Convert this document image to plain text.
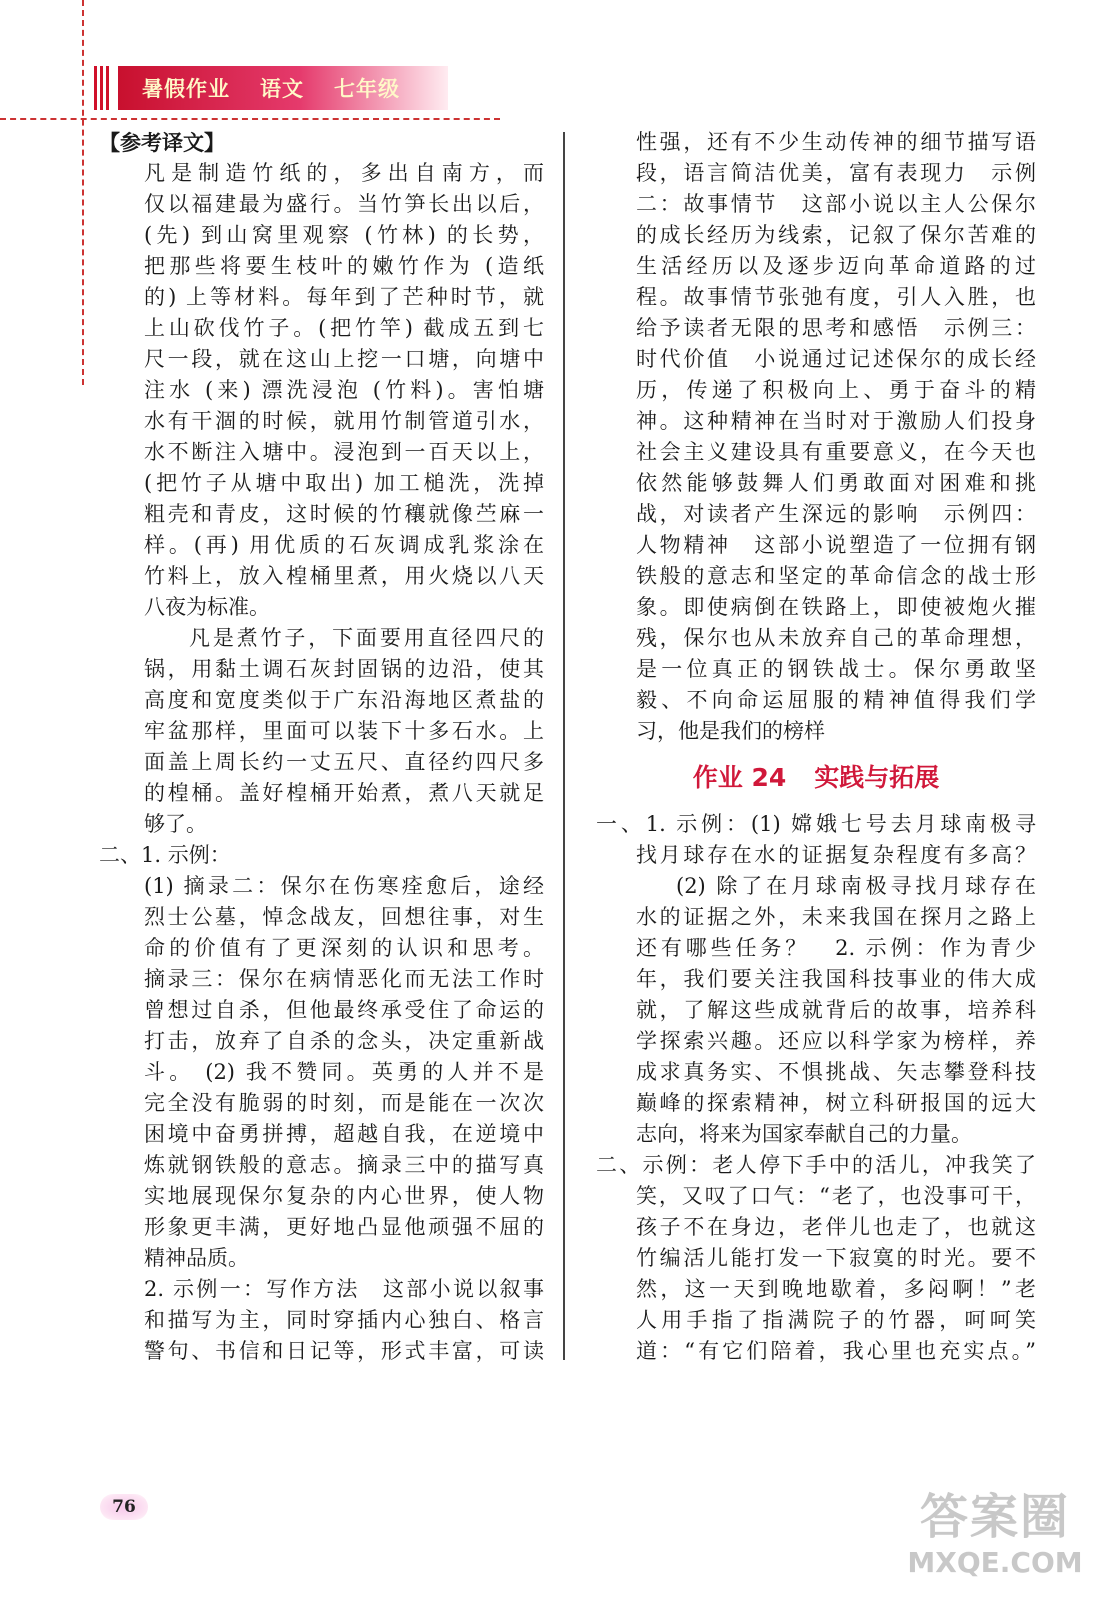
暑假作业 语文 七年级
【参考译文】
凡是制造竹纸的，多出自南方，而
仅以福建最为盛行。当竹笋长出以后，
(先) 到山窝里观察 (竹林) 的长势，
把那些将要生枝叶的嫩竹作为 (造纸
的) 上等材料。每年到了芒种时节，就
上山砍伐竹子。(把竹竿) 截成五到七
尺一段，就在这山上挖一口塘，向塘中
注水 (来) 漂洗浸泡 (竹料)。害怕塘
水有干涸的时候，就用竹制管道引水，
水不断注入塘中。浸泡到一百天以上，
(把竹子从塘中取出) 加工槌洗，洗掉
粗壳和青皮，这时候的竹穰就像苎麻一
样。(再) 用优质的石灰调成乳浆涂在
竹料上，放入楻桶里煮，用火烧以八天
八夜为标准。
凡是煮竹子，下面要用直径四尺的
锅，用黏土调石灰封固锅的边沿，使其
高度和宽度类似于广东沿海地区煮盐的
牢盆那样，里面可以装下十多石水。上
面盖上周长约一丈五尺、直径约四尺多
的楻桶。盖好楻桶开始煮，煮八天就足
够了。
二、1. 示例：
(1) 摘录二：保尔在伤寒痊愈后，途经
烈士公墓，悼念战友，回想往事，对生
命的价值有了更深刻的认识和思考。
摘录三：保尔在病情恶化而无法工作时
曾想过自杀，但他最终承受住了命运的
打击，放弃了自杀的念头，决定重新战
斗。 (2) 我不赞同。英勇的人并不是
完全没有脆弱的时刻，而是能在一次次
困境中奋勇拼搏，超越自我，在逆境中
炼就钢铁般的意志。摘录三中的描写真
实地展现保尔复杂的内心世界，使人物
形象更丰满，更好地凸显他顽强不屈的
精神品质。
2. 示例一：写作方法　这部小说以叙事
和描写为主，同时穿插内心独白、格言
警句、书信和日记等，形式丰富，可读
性强，还有不少生动传神的细节描写语
段，语言简洁优美，富有表现力　示例
二：故事情节　这部小说以主人公保尔
的成长经历为线索，记叙了保尔苦难的
生活经历以及逐步迈向革命道路的过
程。故事情节张弛有度，引人入胜，也
给予读者无限的思考和感悟　示例三：
时代价值　小说通过记述保尔的成长经
历，传递了积极向上、勇于奋斗的精
神。这种精神在当时对于激励人们投身
社会主义建设具有重要意义，在今天也
依然能够鼓舞人们勇敢面对困难和挑
战，对读者产生深远的影响　示例四：
人物精神　这部小说塑造了一位拥有钢
铁般的意志和坚定的革命信念的战士形
象。即使病倒在铁路上，即使被炮火摧
残，保尔也从未放弃自己的革命理想，
是一位真正的钢铁战士。保尔勇敢坚
毅、不向命运屈服的精神值得我们学
习，他是我们的榜样
作业 24 实践与拓展
一、1. 示例：(1) 嫦娥七号去月球南极寻
找月球存在水的证据复杂程度有多高？
(2) 除了在月球南极寻找月球存在
水的证据之外，未来我国在探月之路上
还有哪些任务？　2. 示例：作为青少
年，我们要关注我国科技事业的伟大成
就，了解这些成就背后的故事，培养科
学探索兴趣。还应以科学家为榜样，养
成求真务实、不惧挑战、矢志攀登科技
巅峰的探索精神，树立科研报国的远大
志向，将来为国家奉献自己的力量。
二、示例：老人停下手中的活儿，冲我笑了
笑，又叹了口气：“老了，也没事可干，
孩子不在身边，老伴儿也走了，也就这
竹编活儿能打发一下寂寞的时光。要不
然，这一天到晚地歇着，多闷啊！”老
人用手指了指满院子的竹器，呵呵笑
道：“有它们陪着，我心里也充实点。”
76	答案圈
MXQE.COM
